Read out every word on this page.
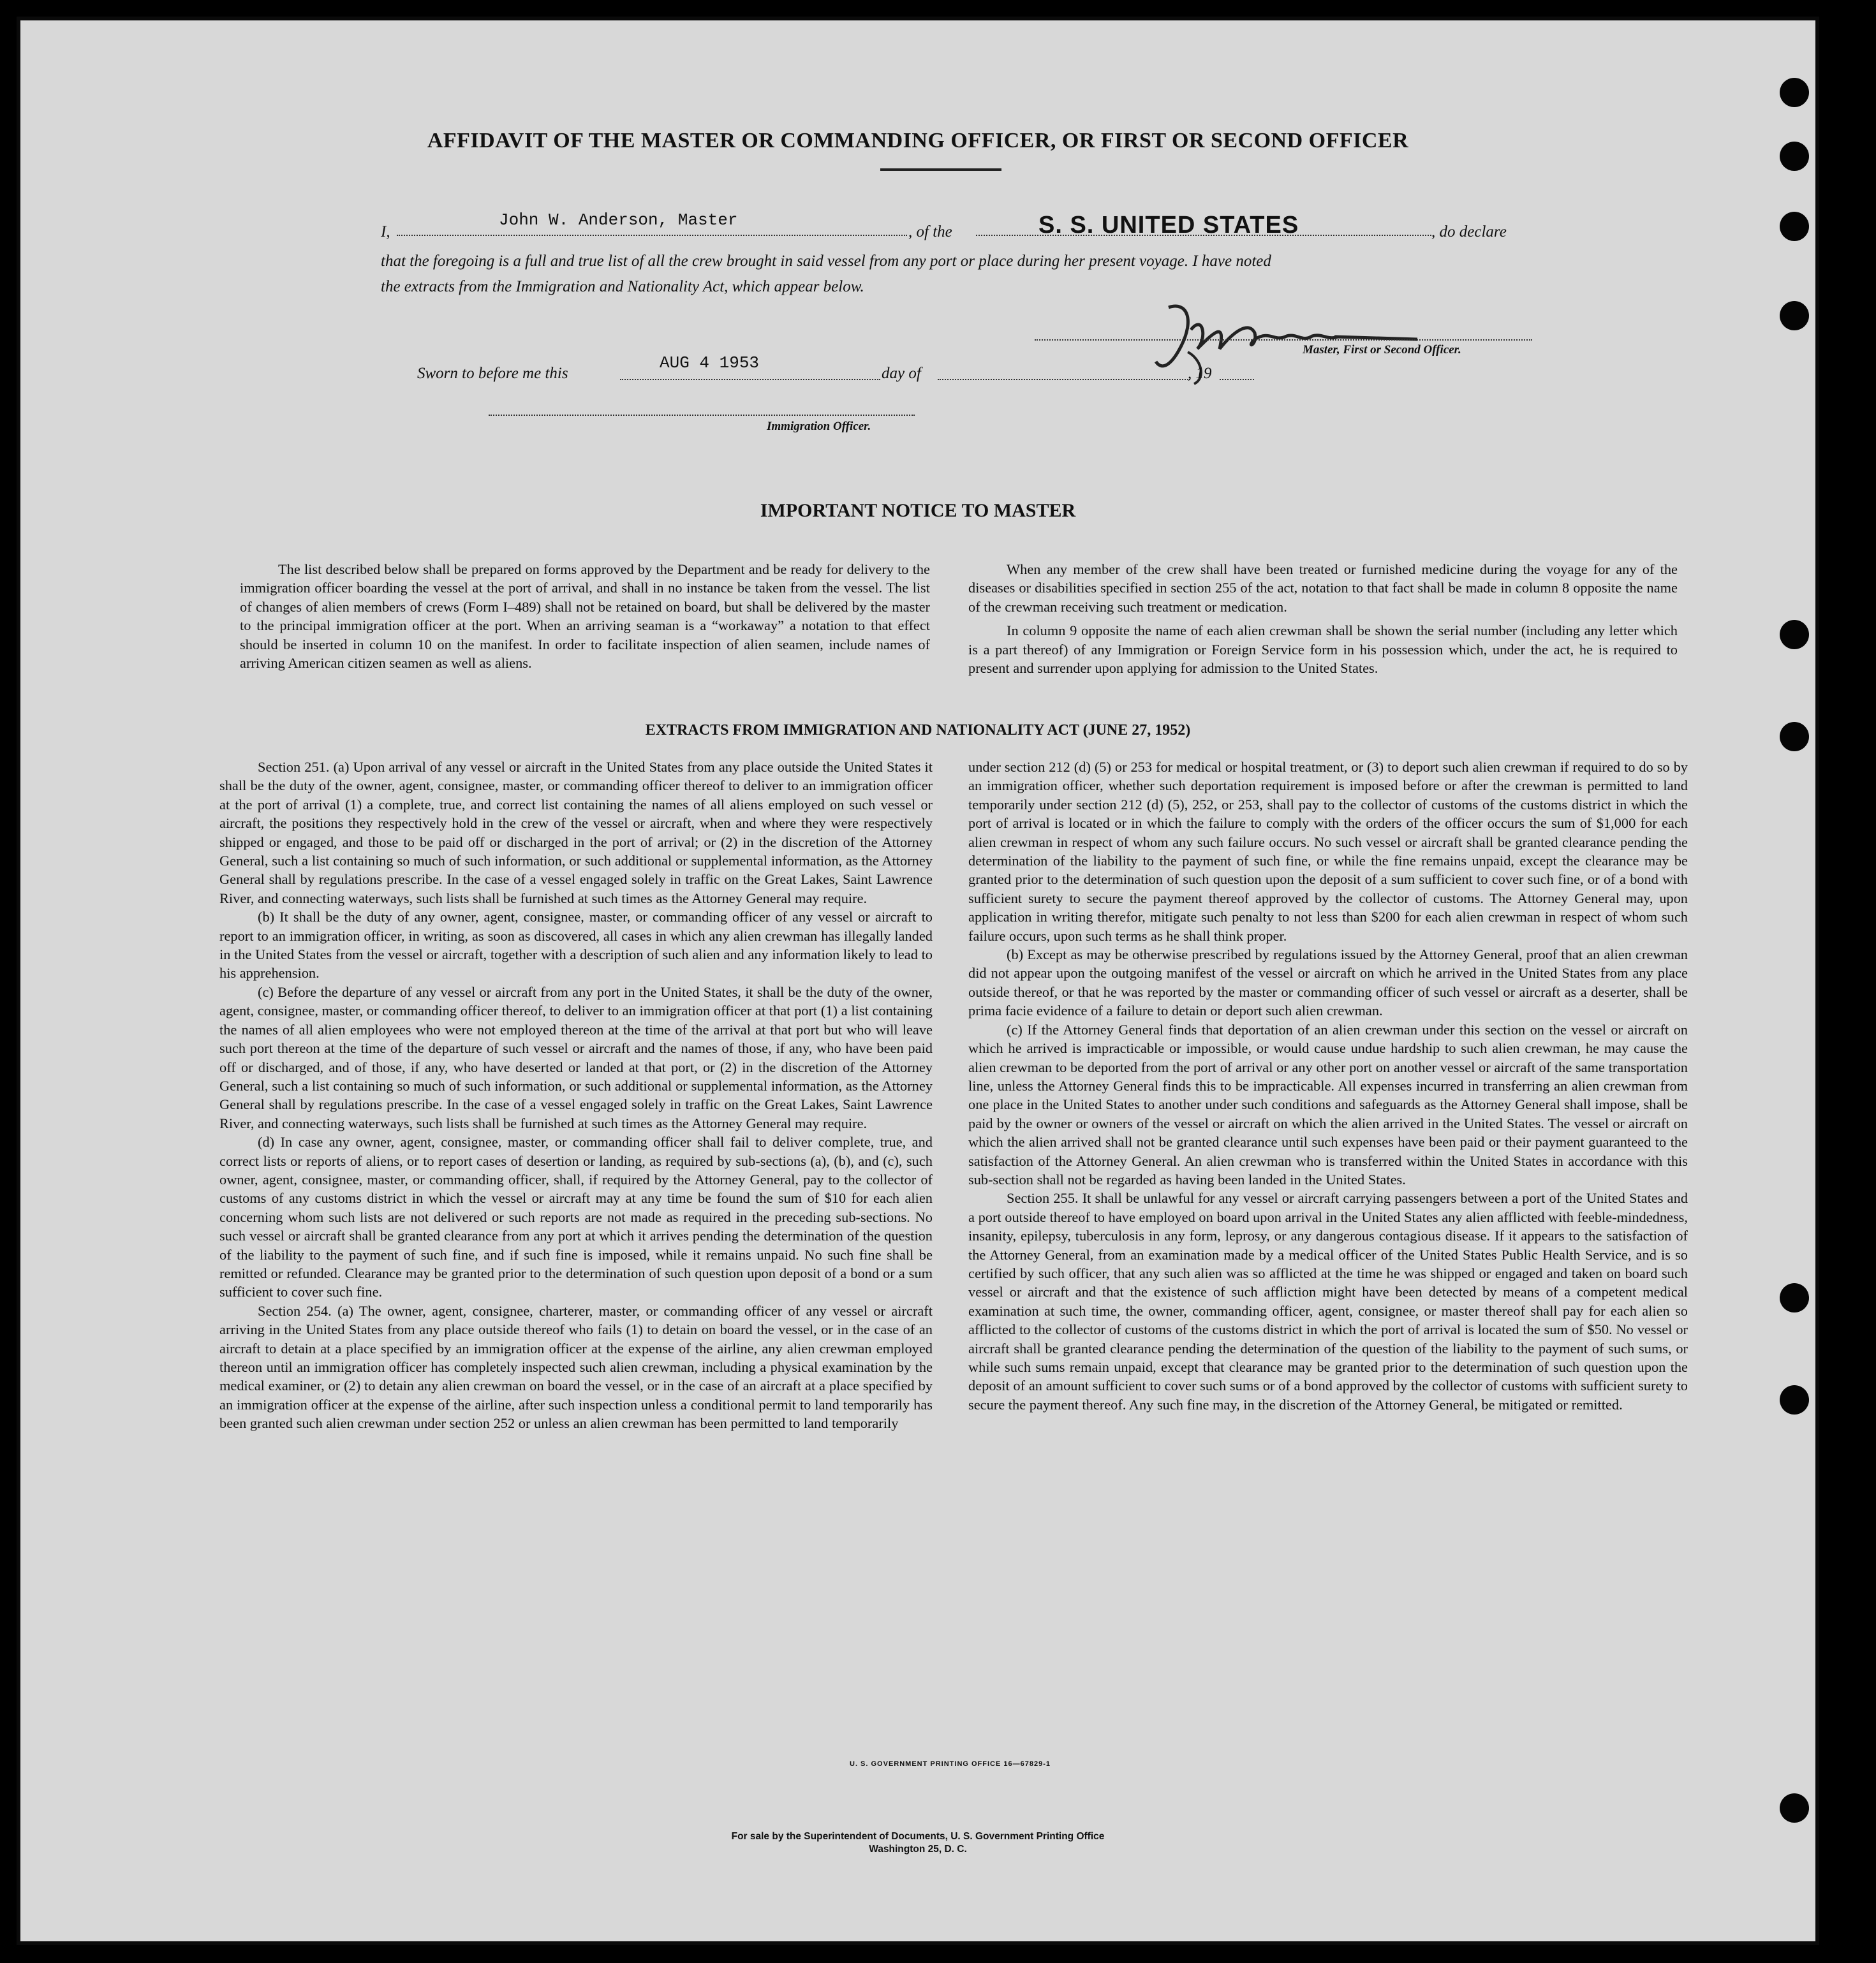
AFFIDAVIT OF THE MASTER OR COMMANDING OFFICER, OR FIRST OR SECOND OFFICER
I,
John W. Anderson, Master
, of the	S. S. UNITED STATES	, do declare
that the foregoing is a full and true list of all the crew brought in said vessel from any port or place during her present voyage. I have noted
the extracts from the Immigration and Nationality Act, which appear below.
Master, First or Second Officer.
Sworn to before me this
AUG 4 1953
day of	, 19
Immigration Officer.
IMPORTANT NOTICE TO MASTER

The list described below shall be prepared on forms approved by the Department and be ready for delivery to the immigration officer boarding the vessel at the port of arrival, and shall in no instance be taken from the vessel. The list of changes of alien members of crews (Form I–489) shall not be retained on board, but shall be delivered by the master to the principal immigration officer at the port. When an arriving seaman is a “workaway” a notation to that effect should be inserted in column 10 on the manifest. In order to facilitate inspection of alien seamen, include names of arriving American citizen seamen as well as aliens.

When any member of the crew shall have been treated or furnished medicine during the voyage for any of the diseases or disabilities specified in section 255 of the act, notation to that fact shall be made in column 8 opposite the name of the crewman receiving such treatment or medication.

In column 9 opposite the name of each alien crewman shall be shown the serial number (including any letter which is a part thereof) of any Immigration or Foreign Service form in his possession which, under the act, he is required to present and surrender upon applying for admission to the United States.

EXTRACTS FROM IMMIGRATION AND NATIONALITY ACT (JUNE 27, 1952)

Section 251. (a) Upon arrival of any vessel or aircraft in the United States from any place outside the United States it shall be the duty of the owner, agent, consignee, master, or commanding officer thereof to deliver to an immigration officer at the port of arrival (1) a complete, true, and correct list containing the names of all aliens employed on such vessel or aircraft, the positions they respectively hold in the crew of the vessel or aircraft, when and where they were respectively shipped or engaged, and those to be paid off or discharged in the port of arrival; or (2) in the discretion of the Attorney General, such a list containing so much of such information, or such additional or supplemental information, as the Attorney General shall by regulations prescribe. In the case of a vessel engaged solely in traffic on the Great Lakes, Saint Lawrence River, and connecting waterways, such lists shall be furnished at such times as the Attorney General may require.

(b) It shall be the duty of any owner, agent, consignee, master, or commanding officer of any vessel or aircraft to report to an immigration officer, in writing, as soon as discovered, all cases in which any alien crewman has illegally landed in the United States from the vessel or aircraft, together with a description of such alien and any information likely to lead to his apprehension.

(c) Before the departure of any vessel or aircraft from any port in the United States, it shall be the duty of the owner, agent, consignee, master, or commanding officer thereof, to deliver to an immigration officer at that port (1) a list containing the names of all alien employees who were not employed thereon at the time of the arrival at that port but who will leave such port thereon at the time of the departure of such vessel or aircraft and the names of those, if any, who have been paid off or discharged, and of those, if any, who have deserted or landed at that port, or (2) in the discretion of the Attorney General, such a list containing so much of such information, or such additional or supplemental information, as the Attorney General shall by regulations prescribe. In the case of a vessel engaged solely in traffic on the Great Lakes, Saint Lawrence River, and connecting waterways, such lists shall be furnished at such times as the Attorney General may require.

(d) In case any owner, agent, consignee, master, or commanding officer shall fail to deliver complete, true, and correct lists or reports of aliens, or to report cases of desertion or landing, as required by sub-sections (a), (b), and (c), such owner, agent, consignee, master, or commanding officer, shall, if required by the Attorney General, pay to the collector of customs of any customs district in which the vessel or aircraft may at any time be found the sum of $10 for each alien concerning whom such lists are not delivered or such reports are not made as required in the preceding sub-sections. No such vessel or aircraft shall be granted clearance from any port at which it arrives pending the determination of the question of the liability to the payment of such fine, and if such fine is imposed, while it remains unpaid. No such fine shall be remitted or refunded. Clearance may be granted prior to the determination of such question upon deposit of a bond or a sum sufficient to cover such fine.

Section 254. (a) The owner, agent, consignee, charterer, master, or commanding officer of any vessel or aircraft arriving in the United States from any place outside thereof who fails (1) to detain on board the vessel, or in the case of an aircraft to detain at a place specified by an immigration officer at the expense of the airline, any alien crewman employed thereon until an immigration officer has completely inspected such alien crewman, including a physical examination by the medical examiner, or (2) to detain any alien crewman on board the vessel, or in the case of an aircraft at a place specified by an immigration officer at the expense of the airline, after such inspection unless a conditional permit to land temporarily has been granted such alien crewman under section 252 or unless an alien crewman has been permitted to land temporarily

under section 212 (d) (5) or 253 for medical or hospital treatment, or (3) to deport such alien crewman if required to do so by an immigration officer, whether such deportation requirement is imposed before or after the crewman is permitted to land temporarily under section 212 (d) (5), 252, or 253, shall pay to the collector of customs of the customs district in which the port of arrival is located or in which the failure to comply with the orders of the officer occurs the sum of $1,000 for each alien crewman in respect of whom any such failure occurs. No such vessel or aircraft shall be granted clearance pending the determination of the liability to the payment of such fine, or while the fine remains unpaid, except the clearance may be granted prior to the determination of such question upon the deposit of a sum sufficient to cover such fine, or of a bond with sufficient surety to secure the payment thereof approved by the collector of customs. The Attorney General may, upon application in writing therefor, mitigate such penalty to not less than $200 for each alien crewman in respect of whom such failure occurs, upon such terms as he shall think proper.

(b) Except as may be otherwise prescribed by regulations issued by the Attorney General, proof that an alien crewman did not appear upon the outgoing manifest of the vessel or aircraft on which he arrived in the United States from any place outside thereof, or that he was reported by the master or commanding officer of such vessel or aircraft as a deserter, shall be prima facie evidence of a failure to detain or deport such alien crewman.

(c) If the Attorney General finds that deportation of an alien crewman under this section on the vessel or aircraft on which he arrived is impracticable or impossible, or would cause undue hardship to such alien crewman, he may cause the alien crewman to be deported from the port of arrival or any other port on another vessel or aircraft of the same transportation line, unless the Attorney General finds this to be impracticable. All expenses incurred in transferring an alien crewman from one place in the United States to another under such conditions and safeguards as the Attorney General shall impose, shall be paid by the owner or owners of the vessel or aircraft on which the alien arrived in the United States. The vessel or aircraft on which the alien arrived shall not be granted clearance until such expenses have been paid or their payment guaranteed to the satisfaction of the Attorney General. An alien crewman who is transferred within the United States in accordance with this sub-section shall not be regarded as having been landed in the United States.

Section 255. It shall be unlawful for any vessel or aircraft carrying passengers between a port of the United States and a port outside thereof to have employed on board upon arrival in the United States any alien afflicted with feeble-mindedness, insanity, epilepsy, tuberculosis in any form, leprosy, or any dangerous contagious disease. If it appears to the satisfaction of the Attorney General, from an examination made by a medical officer of the United States Public Health Service, and is so certified by such officer, that any such alien was so afflicted at the time he was shipped or engaged and taken on board such vessel or aircraft and that the existence of such affliction might have been detected by means of a competent medical examination at such time, the owner, commanding officer, agent, consignee, or master thereof shall pay for each alien so afflicted to the collector of customs of the customs district in which the port of arrival is located the sum of $50. No vessel or aircraft shall be granted clearance pending the determination of the question of the liability to the payment of such sums, or while such sums remain unpaid, except that clearance may be granted prior to the determination of such question upon the deposit of an amount sufficient to cover such sums or of a bond approved by the collector of customs with sufficient surety to secure the payment thereof. Any such fine may, in the discretion of the Attorney General, be mitigated or remitted.

U. S. GOVERNMENT PRINTING OFFICE 16—67829-1
For sale by the Superintendent of Documents, U. S. Government Printing Office
Washington 25, D. C.
